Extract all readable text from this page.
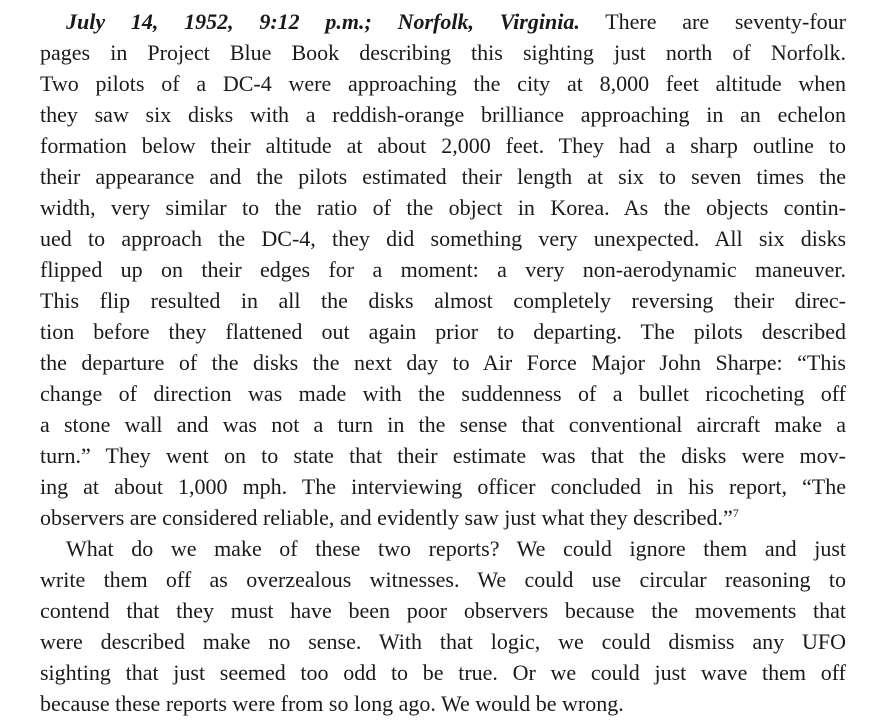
July 14, 1952, 9:12 p.m.; Norfolk, Virginia. There are seventy-four
pages in Project Blue Book describing this sighting just north of Norfolk.
Two pilots of a DC-4 were approaching the city at 8,000 feet altitude when
they saw six disks with a reddish-orange brilliance approaching in an echelon
formation below their altitude at about 2,000 feet. They had a sharp outline to
their appearance and the pilots estimated their length at six to seven times the
width, very similar to the ratio of the object in Korea. As the objects contin-
ued to approach the DC-4, they did something very unexpected. All six disks
flipped up on their edges for a moment: a very non-aerodynamic maneuver.
This flip resulted in all the disks almost completely reversing their direc-
tion before they flattened out again prior to departing. The pilots described
the departure of the disks the next day to Air Force Major John Sharpe: “This
change of direction was made with the suddenness of a bullet ricocheting off
a stone wall and was not a turn in the sense that conventional aircraft make a
turn.” They went on to state that their estimate was that the disks were mov-
ing at about 1,000 mph. The interviewing officer concluded in his report, “The
observers are considered reliable, and evidently saw just what they described.”$^7$
What do we make of these two reports? We could ignore them and just
write them off as overzealous witnesses. We could use circular reasoning to
contend that they must have been poor observers because the movements that
were described make no sense. With that logic, we could dismiss any UFO
sighting that just seemed too odd to be true. Or we could just wave them off
because these reports were from so long ago. We would be wrong.
